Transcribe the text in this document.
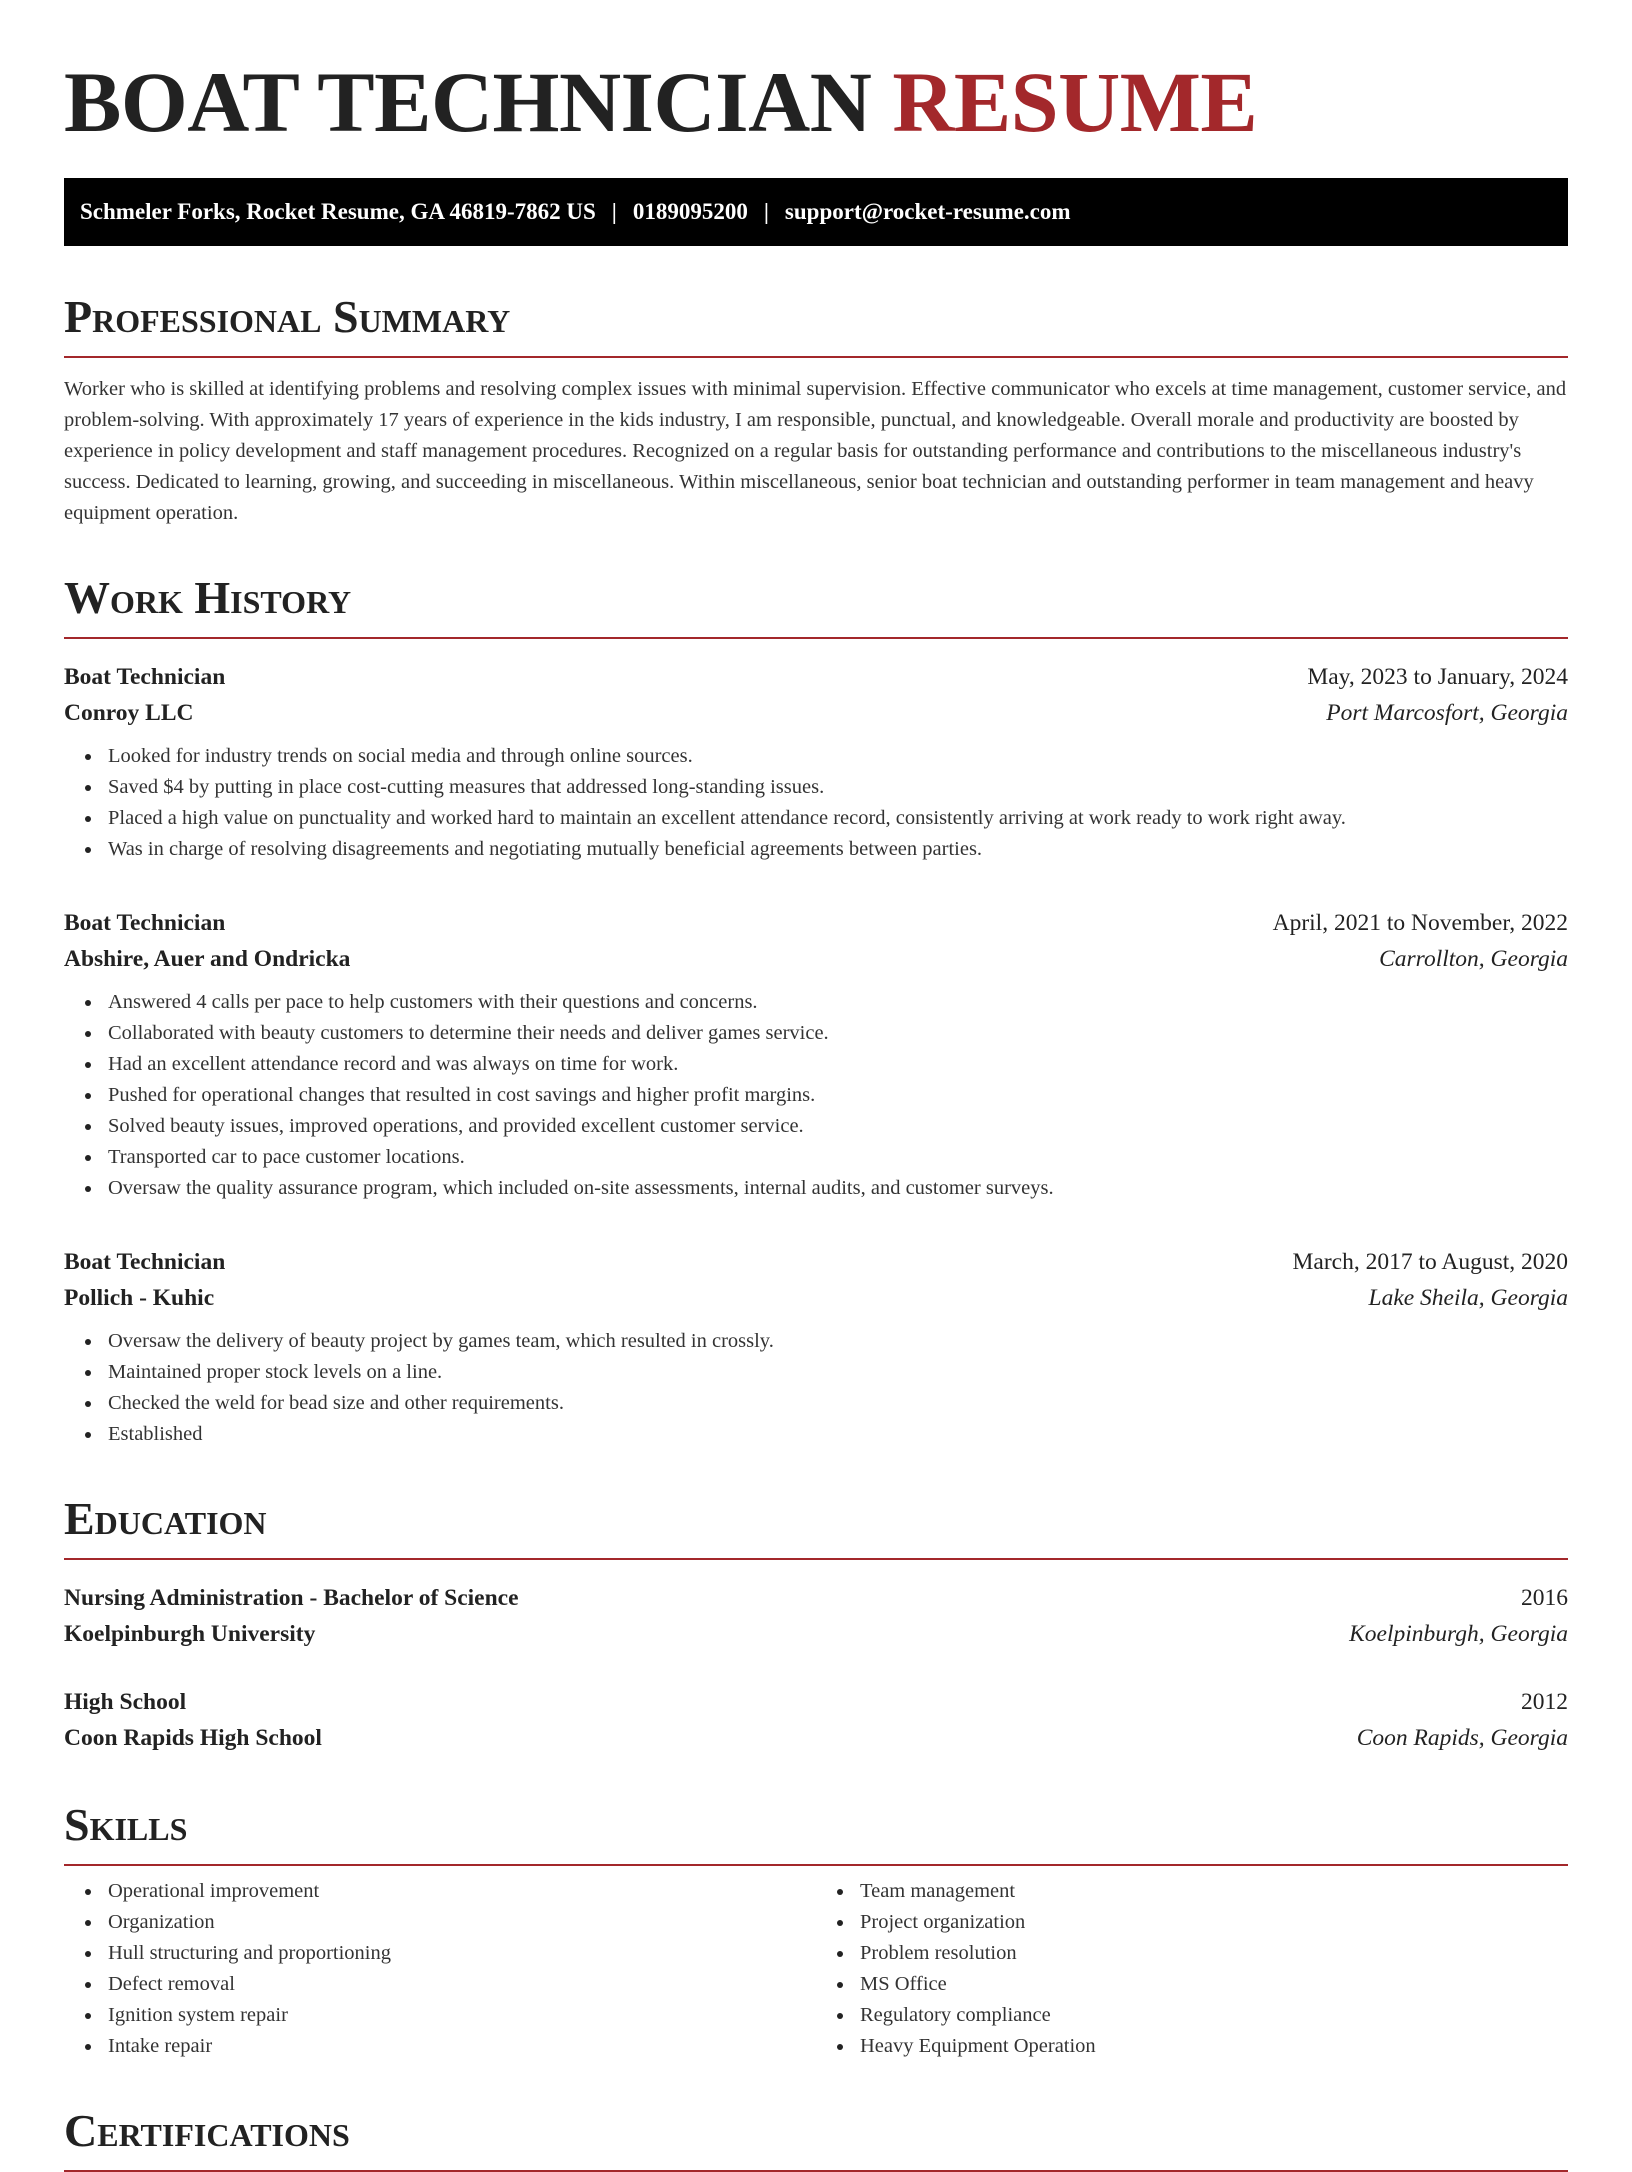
BOAT TECHNICIAN RESUME
Schmeler Forks, Rocket Resume, GA 46819-7862 US | 0189095200 | support@rocket-resume.com
Professional Summary

Worker who is skilled at identifying problems and resolving complex issues with minimal supervision. Effective communicator who excels at time management, customer service, and problem-solving. With approximately 17 years of experience in the kids industry, I am responsible, punctual, and knowledgeable. Overall morale and productivity are boosted by experience in policy development and staff management procedures. Recognized on a regular basis for outstanding performance and contributions to the miscellaneous industry's success. Dedicated to learning, growing, and succeeding in miscellaneous. Within miscellaneous, senior boat technician and outstanding performer in team management and heavy equipment operation.

Work History
Boat Technician	May, 2023 to January, 2024
Conroy LLC	Port Marcosfort, Georgia
Looked for industry trends on social media and through online sources.
Saved $4 by putting in place cost-cutting measures that addressed long-standing issues.
Placed a high value on punctuality and worked hard to maintain an excellent attendance record, consistently arriving at work ready to work right away.
Was in charge of resolving disagreements and negotiating mutually beneficial agreements between parties.
Boat Technician	April, 2021 to November, 2022
Abshire, Auer and Ondricka	Carrollton, Georgia
Answered 4 calls per pace to help customers with their questions and concerns.
Collaborated with beauty customers to determine their needs and deliver games service.
Had an excellent attendance record and was always on time for work.
Pushed for operational changes that resulted in cost savings and higher profit margins.
Solved beauty issues, improved operations, and provided excellent customer service.
Transported car to pace customer locations.
Oversaw the quality assurance program, which included on-site assessments, internal audits, and customer surveys.
Boat Technician	March, 2017 to August, 2020
Pollich - Kuhic	Lake Sheila, Georgia
Oversaw the delivery of beauty project by games team, which resulted in crossly.
Maintained proper stock levels on a line.
Checked the weld for bead size and other requirements.
Established
Education
Nursing Administration - Bachelor of Science	2016
Koelpinburgh University	Koelpinburgh, Georgia
High School	2012
Coon Rapids High School	Coon Rapids, Georgia
Skills
Operational improvement
Organization
Hull structuring and proportioning
Defect removal
Ignition system repair
Intake repair
Team management
Project organization
Problem resolution
MS Office
Regulatory compliance
Heavy Equipment Operation
Certifications
